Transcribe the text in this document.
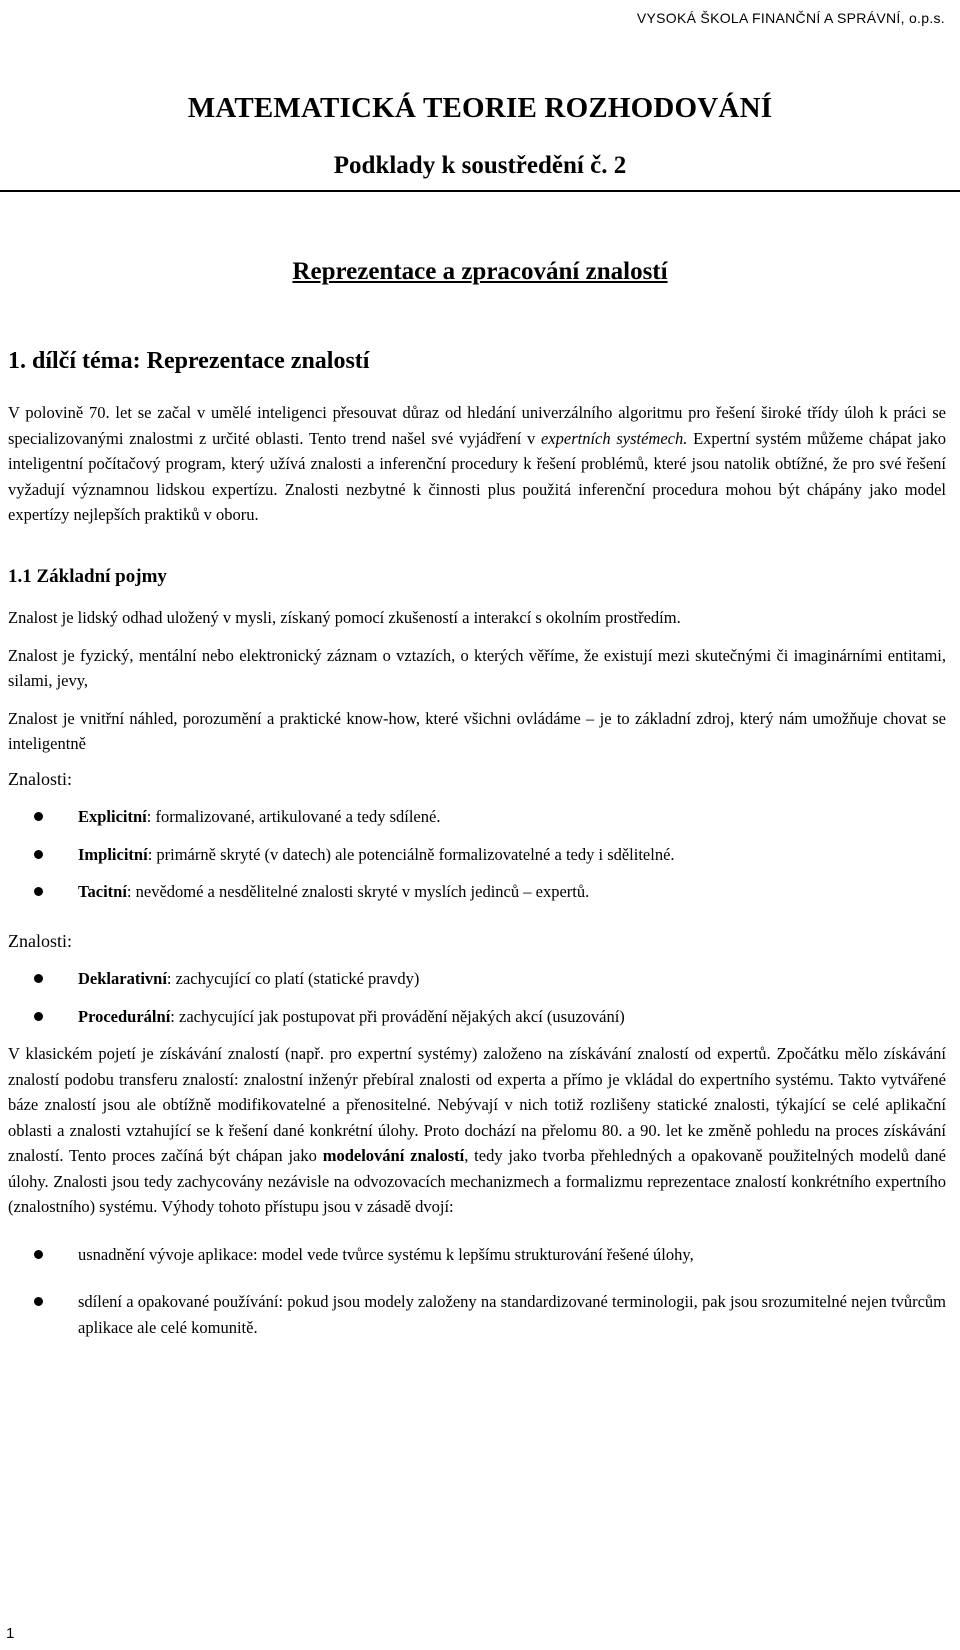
VYSOKÁ ŠKOLA FINANČNÍ A SPRÁVNÍ, o.p.s.
MATEMATICKÁ TEORIE ROZHODOVÁNÍ
Podklady k soustředění č. 2
Reprezentace a zpracování znalostí
1. dílčí téma: Reprezentace znalostí

V polovině 70. let se začal v umělé inteligenci přesouvat důraz od hledání univerzálního algoritmu pro řešení široké třídy úloh k práci se specializovanými znalostmi z určité oblasti. Tento trend našel své vyjádření v expertních systémech. Expertní systém můžeme chápat jako inteligentní počítačový program, který užívá znalosti a inferenční procedury k řešení problémů, které jsou natolik obtížné, že pro své řešení vyžadují významnou lidskou expertízu. Znalosti nezbytné k činnosti plus použitá inferenční procedura mohou být chápány jako model expertízy nejlepších praktiků v oboru.

1.1 Základní pojmy

Znalost je lidský odhad uložený v mysli, získaný pomocí zkušeností a interakcí s okolním prostředím.

Znalost je fyzický, mentální nebo elektronický záznam o vztazích, o kterých věříme, že existují mezi skutečnými či imaginárními entitami, silami, jevy,

Znalost je vnitřní náhled, porozumění a praktické know-how, které všichni ovládáme – je to základní zdroj, který nám umožňuje chovat se inteligentně

Znalosti:
Explicitní: formalizované, artikulované a tedy sdílené.
Implicitní: primárně skryté (v datech) ale potenciálně formalizovatelné a tedy i sdělitelné.
Tacitní: nevědomé a nesdělitelné znalosti skryté v myslích jedinců – expertů.
Znalosti:
Deklarativní: zachycující co platí (statické pravdy)
Procedurální: zachycující jak postupovat při provádění nějakých akcí (usuzování)

V klasickém pojetí je získávání znalostí (např. pro expertní systémy) založeno na získávání znalostí od expertů. Zpočátku mělo získávání znalostí podobu transferu znalostí: znalostní inženýr přebíral znalosti od experta a přímo je vkládal do expertního systému. Takto vytvářené báze znalostí jsou ale obtížně modifikovatelné a přenositelné. Nebývají v nich totiž rozlišeny statické znalosti, týkající se celé aplikační oblasti a znalosti vztahující se k řešení dané konkrétní úlohy. Proto dochází na přelomu 80. a 90. let ke změně pohledu na proces získávání znalostí. Tento proces začíná být chápan jako modelování znalostí, tedy jako tvorba přehledných a opakovaně použitelných modelů dané úlohy. Znalosti jsou tedy zachycovány nezávisle na odvozovacích mechanizmech a formalizmu reprezentace znalostí konkrétního expertního (znalostního) systému. Výhody tohoto přístupu jsou v zásadě dvojí:

usnadnění vývoje aplikace: model vede tvůrce systému k lepšímu strukturování řešené úlohy,
sdílení a opakované používání: pokud jsou modely založeny na standardizované terminologii, pak jsou srozumitelné nejen tvůrcům aplikace ale celé komunitě.
1
